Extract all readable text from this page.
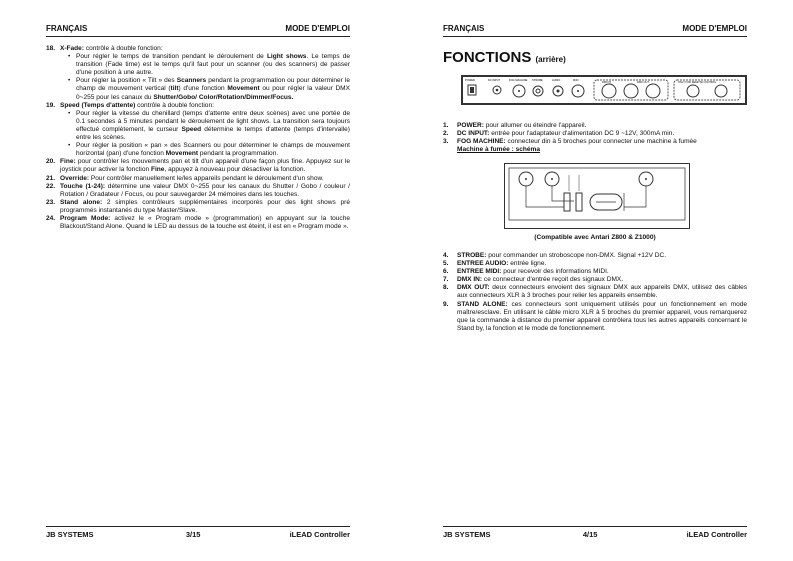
FRANÇAIS	MODE D'EMPLOI
18. X-Fade: contrôle à double fonction:
• Pour régler le temps de transition pendant le déroulement de Light shows. Le temps de transition (Fade time) est le temps qu'il faut pour un scanner (ou des scanners) de passer d'une position à une autre.
• Pour régler la position « Tilt » des Scanners pendant la programmation ou pour déterminer le champ de mouvement vertical (tilt) d'une fonction Movement ou pour régler la valeur DMX 0~255 pour les canaux du Shutter/Gobo/ Color/Rotation/Dimmer/Focus.
19. Speed (Temps d'attente) contrôle à double fonction:
• Pour régler la vitesse du chenillard (temps d'attente entre deux scènes) avec une portée de 0.1 secondes à 5 minutes pendant le déroulement de light shows. La transition sera toujours effectué complètement, le curseur Speed détermine le temps d'attente (temps d'intervalle) entre les scènes.
• Pour régler la position « pan » des Scanners ou pour déterminer le champs de mouvement horizontal (pan) d'une fonction Movement pendant la programmation.
20. Fine: pour contrôler les mouvements pan et tilt d'un appareil d'une façon plus fine. Appuyez sur le joystick pour activer la fonction Fine, appuyez à nouveau pour désactiver la fonction.
21. Override: Pour contrôler manuellement le/les appareils pendant le déroulement d'un show.
22. Touche (1-24): détermine une valeur DMX 0~255 pour les canaux du Shutter / Gobo / couleur / Rotation / Gradateur / Focus, ou pour sauvegarder 24 mémoires dans les touches.
23. Stand alone: 2 simples contrôleurs supplémentaires incorporés pour des light shows pré programmés instantanés du type Master/Slave.
24. Program Mode: activez le « Program mode » (programmation) en appuyant sur la touche Blackout/Stand Alone. Quand le LED au dessus de la touche est éteint, il est en « Program mode ».
JB SYSTEMS	3/15	iLEAD Controller
FRANÇAIS	MODE D'EMPLOI
FONCTIONS (arrière)
POWER	DC INPUT	FOG MACHINE STROBE	AUDIO	MIDI
DMX IN	DMX OUT	ONLY FOR REMOTE CONTROL
1.	POWER: pour allumer ou éteindre l'appareil.
2.	DC INPUT: entrée pour l'adaptateur d'alimentation DC 9 ~12V, 300mA min.
3.	FOG MACHINE: connecteur din à 5 broches pour connecter une machine à fumée
Machine à fumée : schéma
(Compatible avec Antari Z800 & Z1000)
4.	STROBE: pour commander un stroboscope non-DMX. Signal +12V DC.
5.	ENTREE AUDIO: entrée ligne.
6.	ENTREE MIDI: pour recevoir des informations MIDI.
7.	DMX IN: ce connecteur d'entrée reçoit des signaux DMX.
8.	DMX OUT: deux connecteurs envoient des signaux DMX aux appareils DMX, utilisez des câbles aux connecteurs XLR à 3 broches pour relier les appareils ensemble.
9.	STAND ALONE: ces connecteurs sont uniquement utilisés pour un fonctionnement en mode maître/esclave. En utilisant le câble micro XLR à 5 broches du premier appareil, vous remarquerez que la commande à distance du premier appareil contrôlera tous les autres appareils concernant le Stand by, la fonction et le mode de fonctionnement.
JB SYSTEMS	4/15	iLEAD Controller
